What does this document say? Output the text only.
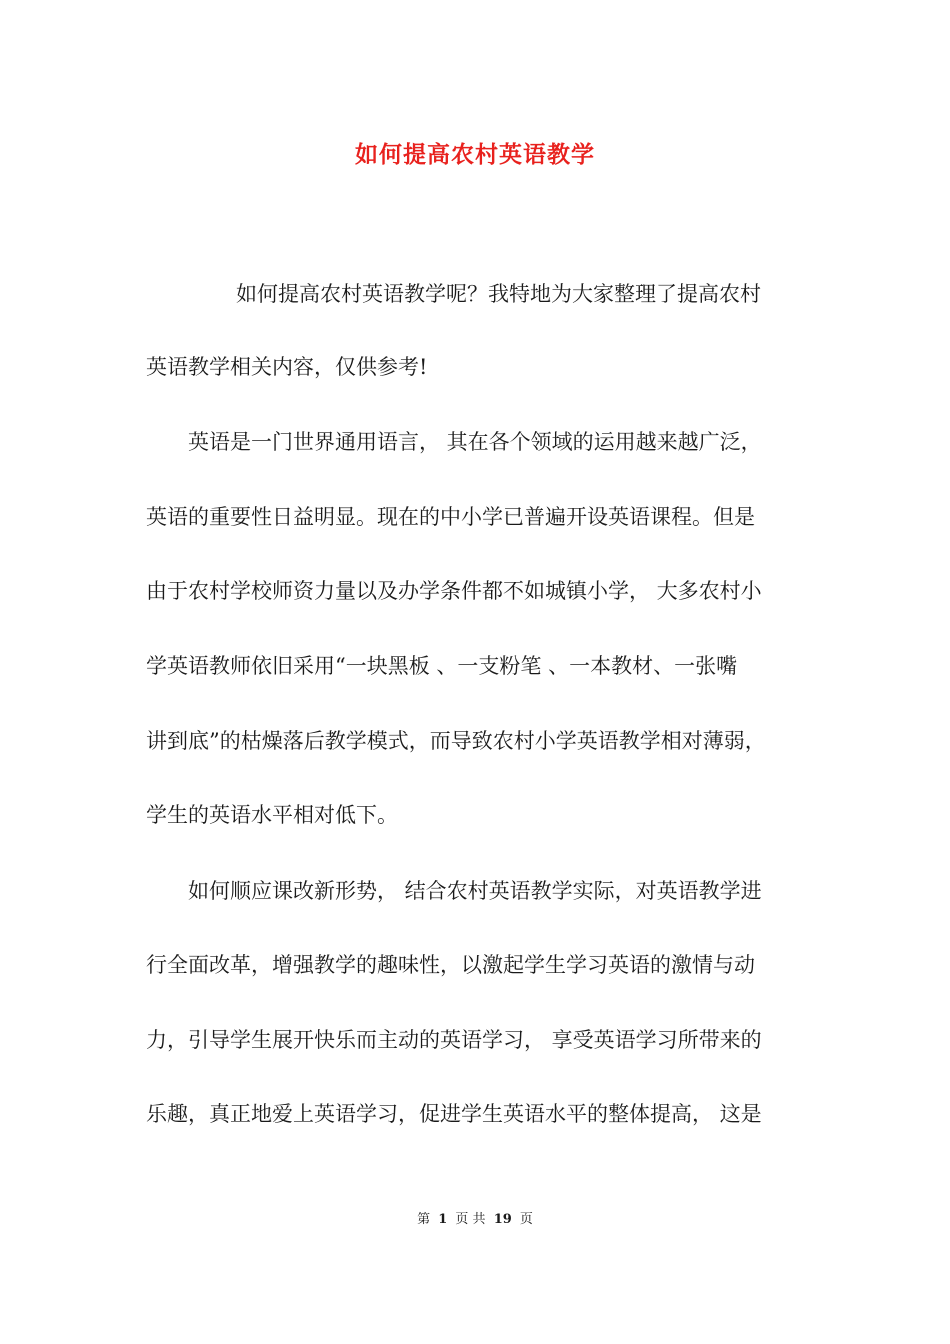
如何提高农村英语教学
如何提高农村英语教学呢？我特地为大家整理了提高农村
英语教学相关内容，仅供参考!
英语是一门世界通用语言， 其在各个领域的运用越来越广泛，
英语的重要性日益明显。现在的中小学已普遍开设英语课程。但是
由于农村学校师资力量以及办学条件都不如城镇小学， 大多农村小
学英语教师依旧采用“一块黑板 、一支粉笔 、一本教材、一张嘴
讲到底”的枯燥落后教学模式，而导致农村小学英语教学相对薄弱，
学生的英语水平相对低下。
如何顺应课改新形势， 结合农村英语教学实际，对英语教学进
行全面改革，增强教学的趣味性，以激起学生学习英语的激情与动
力，引导学生展开快乐而主动的英语学习， 享受英语学习所带来的
乐趣，真正地爱上英语学习，促进学生英语水平的整体提高， 这是
第 1 页 共 19 页
